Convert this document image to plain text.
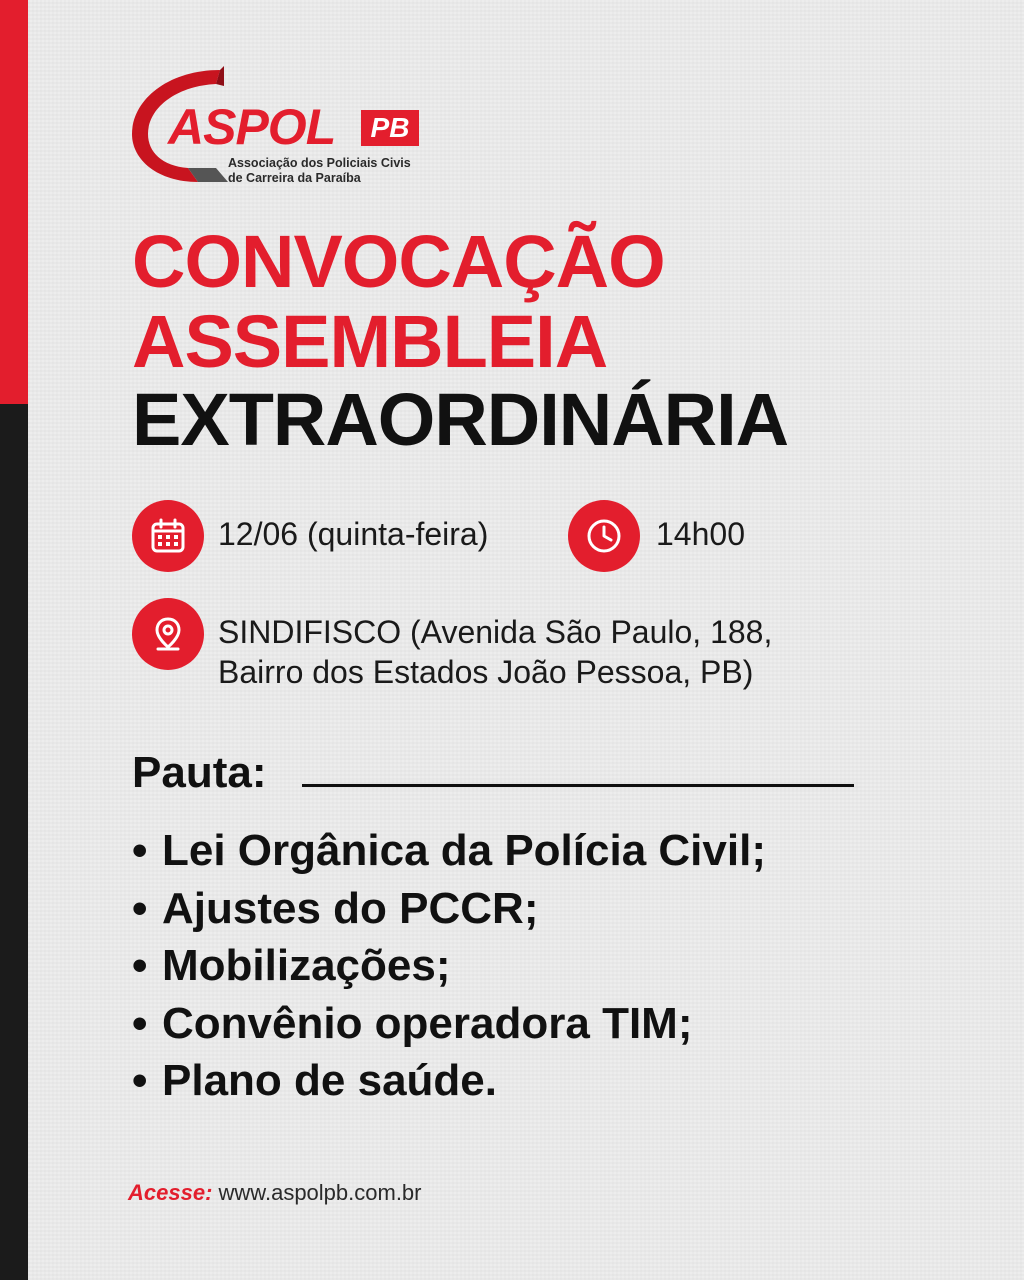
ASPOL	PB
Associação dos Policiais Civis
de Carreira da Paraíba
CONVOCAÇÃO
ASSEMBLEIA
EXTRAORDINÁRIA
12/06 (quinta-feira)	14h00
SINDIFISCO (Avenida São Paulo, 188,
Bairro dos Estados João Pessoa, PB)
Pauta:
• Lei Orgânica da Polícia Civil;
• Ajustes do PCCR;
• Mobilizações;
• Convênio operadora TIM;
• Plano de saúde.
Acesse: www.aspolpb.com.br
